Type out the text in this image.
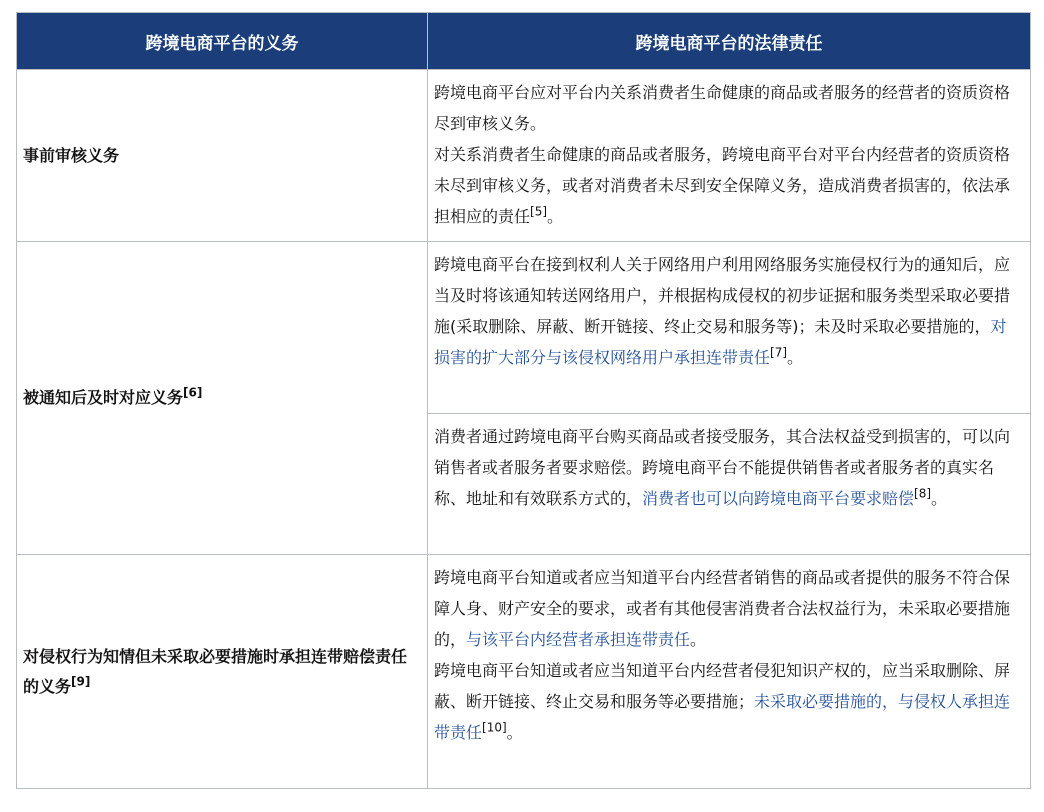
跨境电商平台的义务	跨境电商平台的法律责任
事前审核义务	跨境电商平台应对平台内关系消费者生命健康的商品或者服务的经营者的资质资格尽到审核义务。

对关系消费者生命健康的商品或者服务，跨境电商平台对平台内经营者的资质资格未尽到审核义务，或者对消费者未尽到安全保障义务，造成消费者损害的，依法承担相应的责任[5]。

被通知后及时对应义务[6]	跨境电商平台在接到权利人关于网络用户利用网络服务实施侵权行为的通知后，应当及时将该通知转送网络用户，并根据构成侵权的初步证据和服务类型采取必要措施(采取删除、屏蔽、断开链接、终止交易和服务等)；未及时采取必要措施的，对损害的扩大部分与该侵权网络用户承担连带责任[7]。

	消费者通过跨境电商平台购买商品或者接受服务，其合法权益受到损害的，可以向销售者或者服务者要求赔偿。跨境电商平台不能提供销售者或者服务者的真实名称、地址和有效联系方式的，消费者也可以向跨境电商平台要求赔偿[8]。

对侵权行为知情但未采取必要措施时承担连带赔偿责任的义务[9]	跨境电商平台知道或者应当知道平台内经营者销售的商品或者提供的服务不符合保障人身、财产安全的要求，或者有其他侵害消费者合法权益行为，未采取必要措施的，与该平台内经营者承担连带责任。

跨境电商平台知道或者应当知道平台内经营者侵犯知识产权的，应当采取删除、屏蔽、断开链接、终止交易和服务等必要措施；未采取必要措施的，与侵权人承担连带责任[10]。
